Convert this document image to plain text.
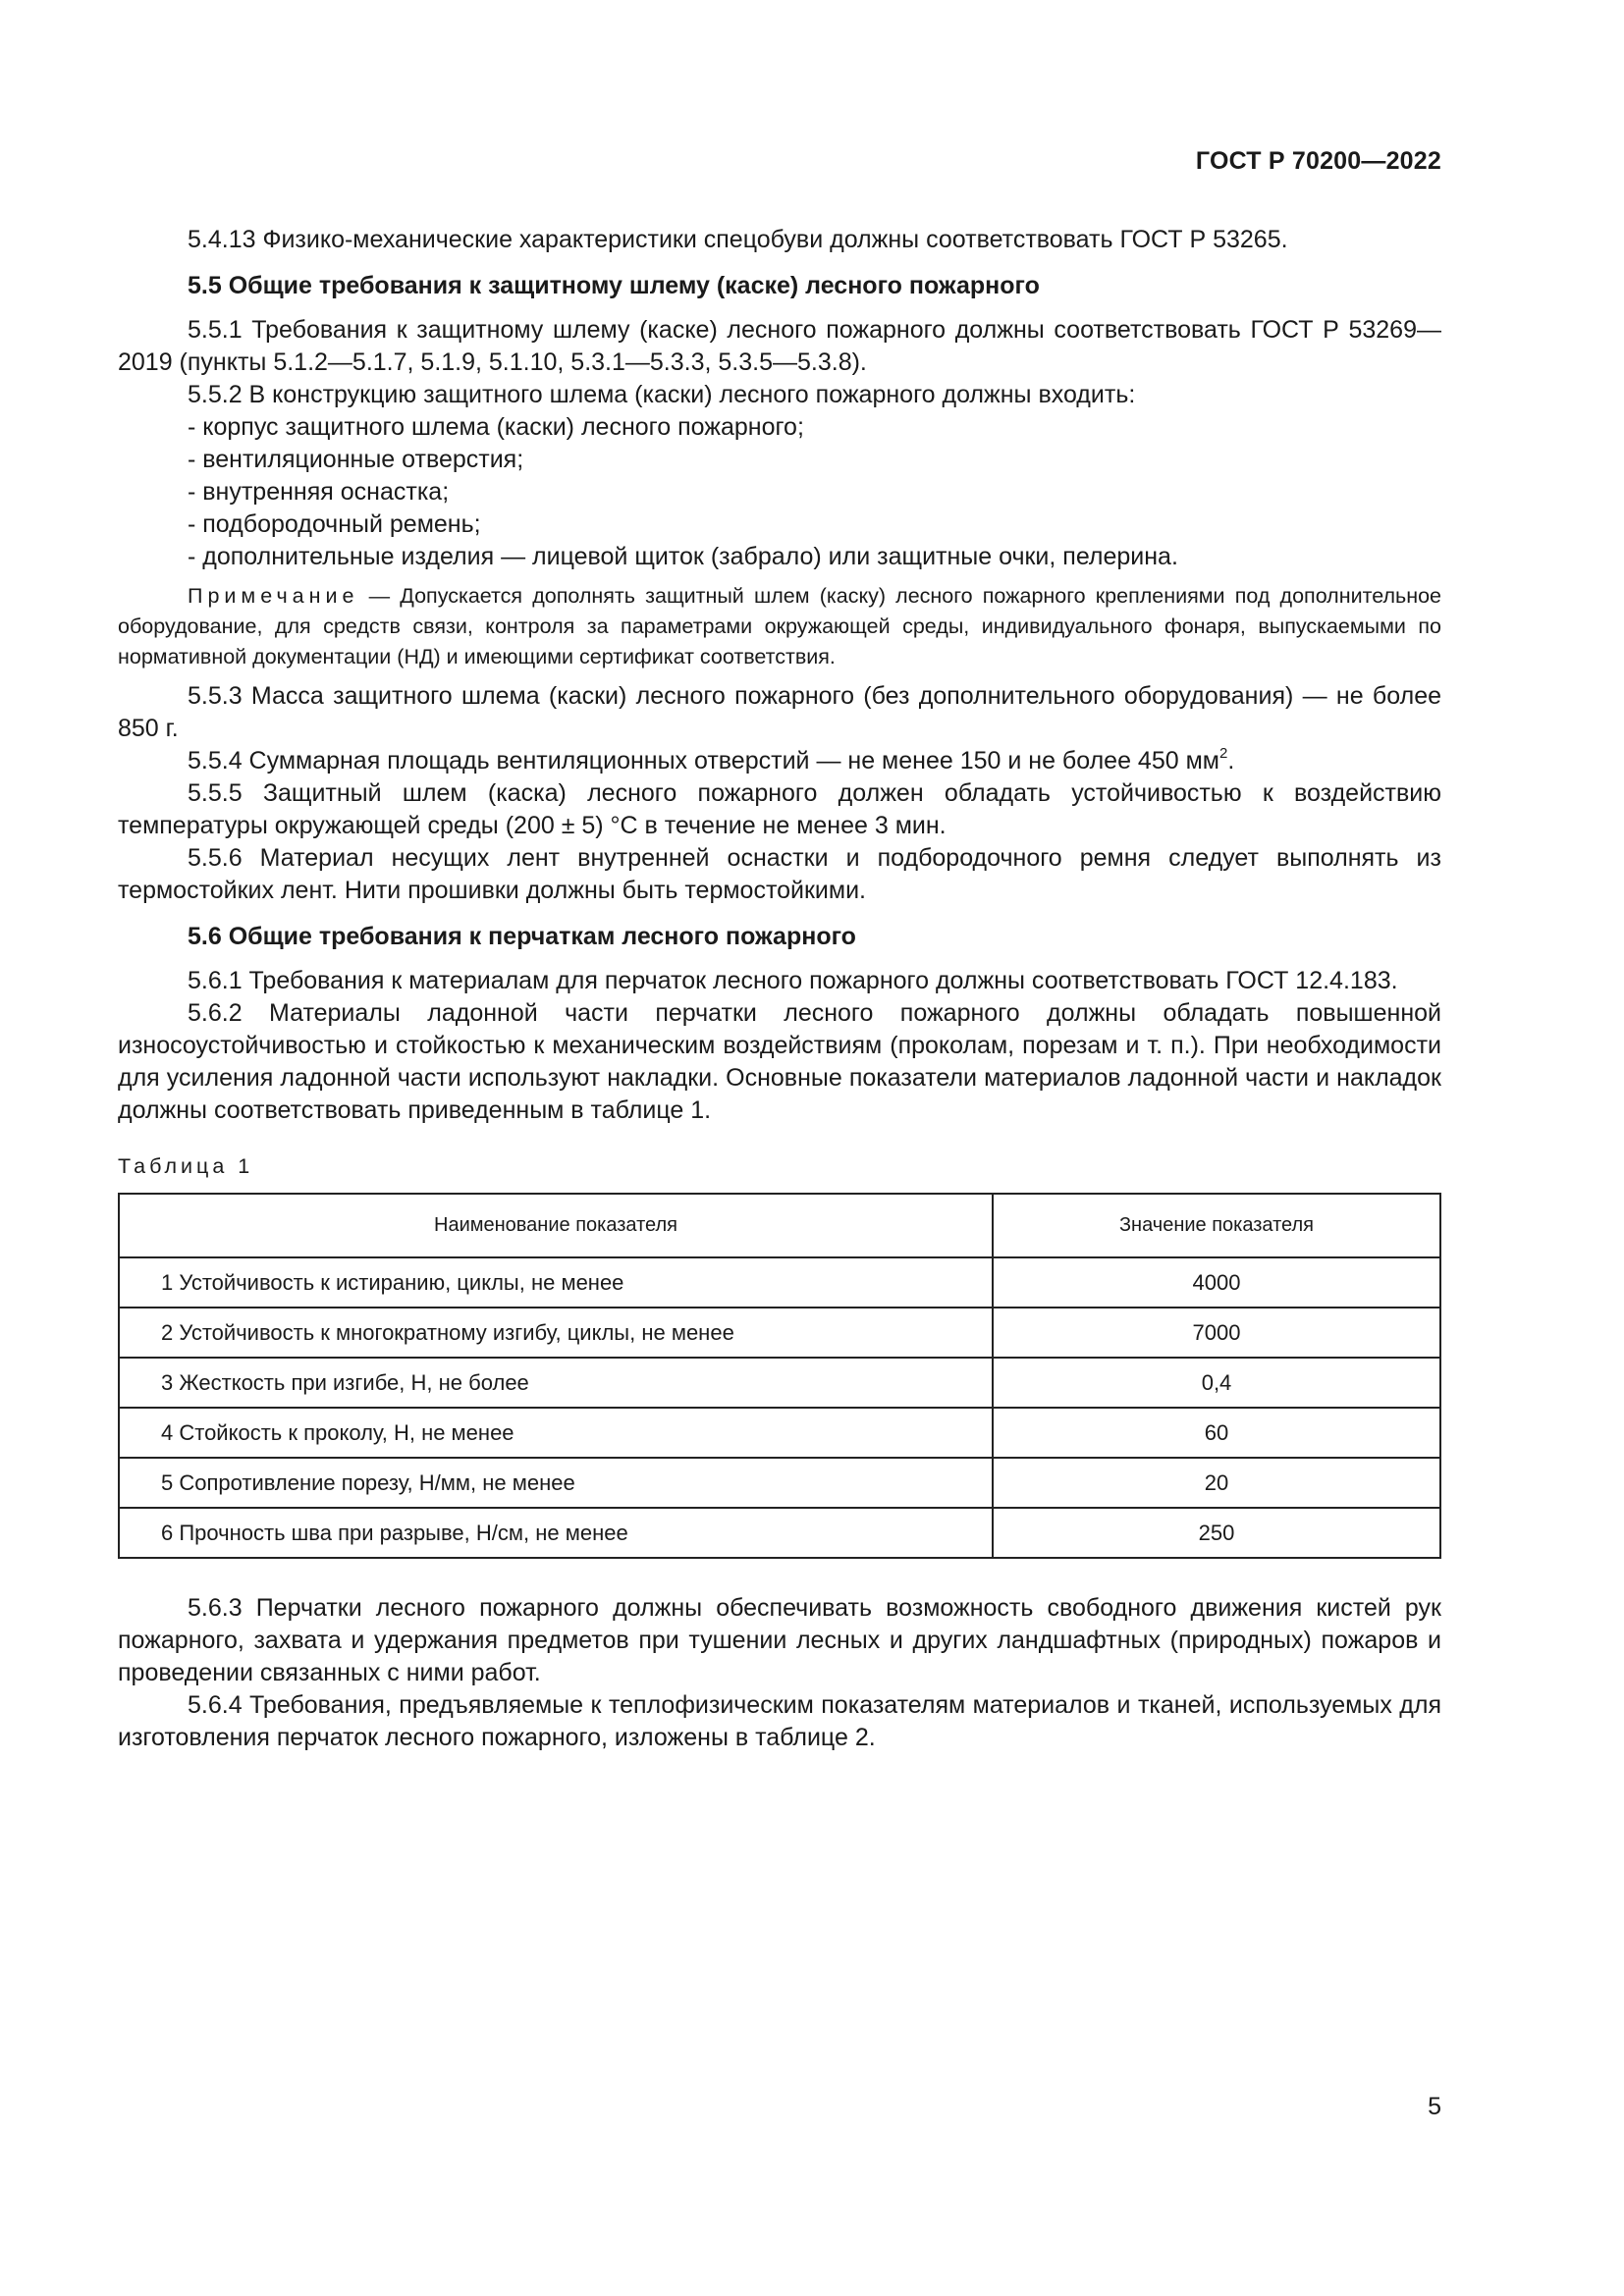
ГОСТ Р 70200—2022

5.4.13 Физико-механические характеристики спецобуви должны соответствовать ГОСТ Р 53265.

5.5 Общие требования к защитному шлему (каске) лесного пожарного

5.5.1 Требования к защитному шлему (каске) лесного пожарного должны соответствовать ГОСТ Р 53269—2019 (пункты 5.1.2—5.1.7, 5.1.9, 5.1.10, 5.3.1—5.3.3, 5.3.5—5.3.8).

5.5.2 В конструкцию защитного шлема (каски) лесного пожарного должны входить:

- корпус защитного шлема (каски) лесного пожарного;

- вентиляционные отверстия;

- внутренняя оснастка;

- подбородочный ремень;

- дополнительные изделия — лицевой щиток (забрало) или защитные очки, пелерина.

Примечание — Допускается дополнять защитный шлем (каску) лесного пожарного креплениями под дополнительное оборудование, для средств связи, контроля за параметрами окружающей среды, индивидуального фонаря, выпускаемыми по нормативной документации (НД) и имеющими сертификат соответствия.

5.5.3 Масса защитного шлема (каски) лесного пожарного (без дополнительного оборудования) — не более 850 г.

5.5.4 Суммарная площадь вентиляционных отверстий — не менее 150 и не более 450 $мм^2$.

5.5.5 Защитный шлем (каска) лесного пожарного должен обладать устойчивостью к воздействию температуры окружающей среды (200 ± 5) °С в течение не менее 3 мин.

5.5.6 Материал несущих лент внутренней оснастки и подбородочного ремня следует выполнять из термостойких лент. Нити прошивки должны быть термостойкими.

5.6 Общие требования к перчаткам лесного пожарного

5.6.1 Требования к материалам для перчаток лесного пожарного должны соответствовать ГОСТ 12.4.183.

5.6.2 Материалы ладонной части перчатки лесного пожарного должны обладать повышенной износоустойчивостью и стойкостью к механическим воздействиям (проколам, порезам и т. п.). При необходимости для усиления ладонной части используют накладки. Основные показатели материалов ладонной части и накладок должны соответствовать приведенным в таблице 1.

Таблица 1

Наименование показателя	Значение показателя
1 Устойчивость к истиранию, циклы, не менее	4000
2 Устойчивость к многократному изгибу, циклы, не менее	7000
3 Жесткость при изгибе, Н, не более	0,4
4 Стойкость к проколу, Н, не менее	60
5 Сопротивление порезу, Н/мм, не менее	20
6 Прочность шва при разрыве, Н/см, не менее	250

5.6.3 Перчатки лесного пожарного должны обеспечивать возможность свободного движения кистей рук пожарного, захвата и удержания предметов при тушении лесных и других ландшафтных (природных) пожаров и проведении связанных с ними работ.

5.6.4 Требования, предъявляемые к теплофизическим показателям материалов и тканей, используемых для изготовления перчаток лесного пожарного, изложены в таблице 2.

5
